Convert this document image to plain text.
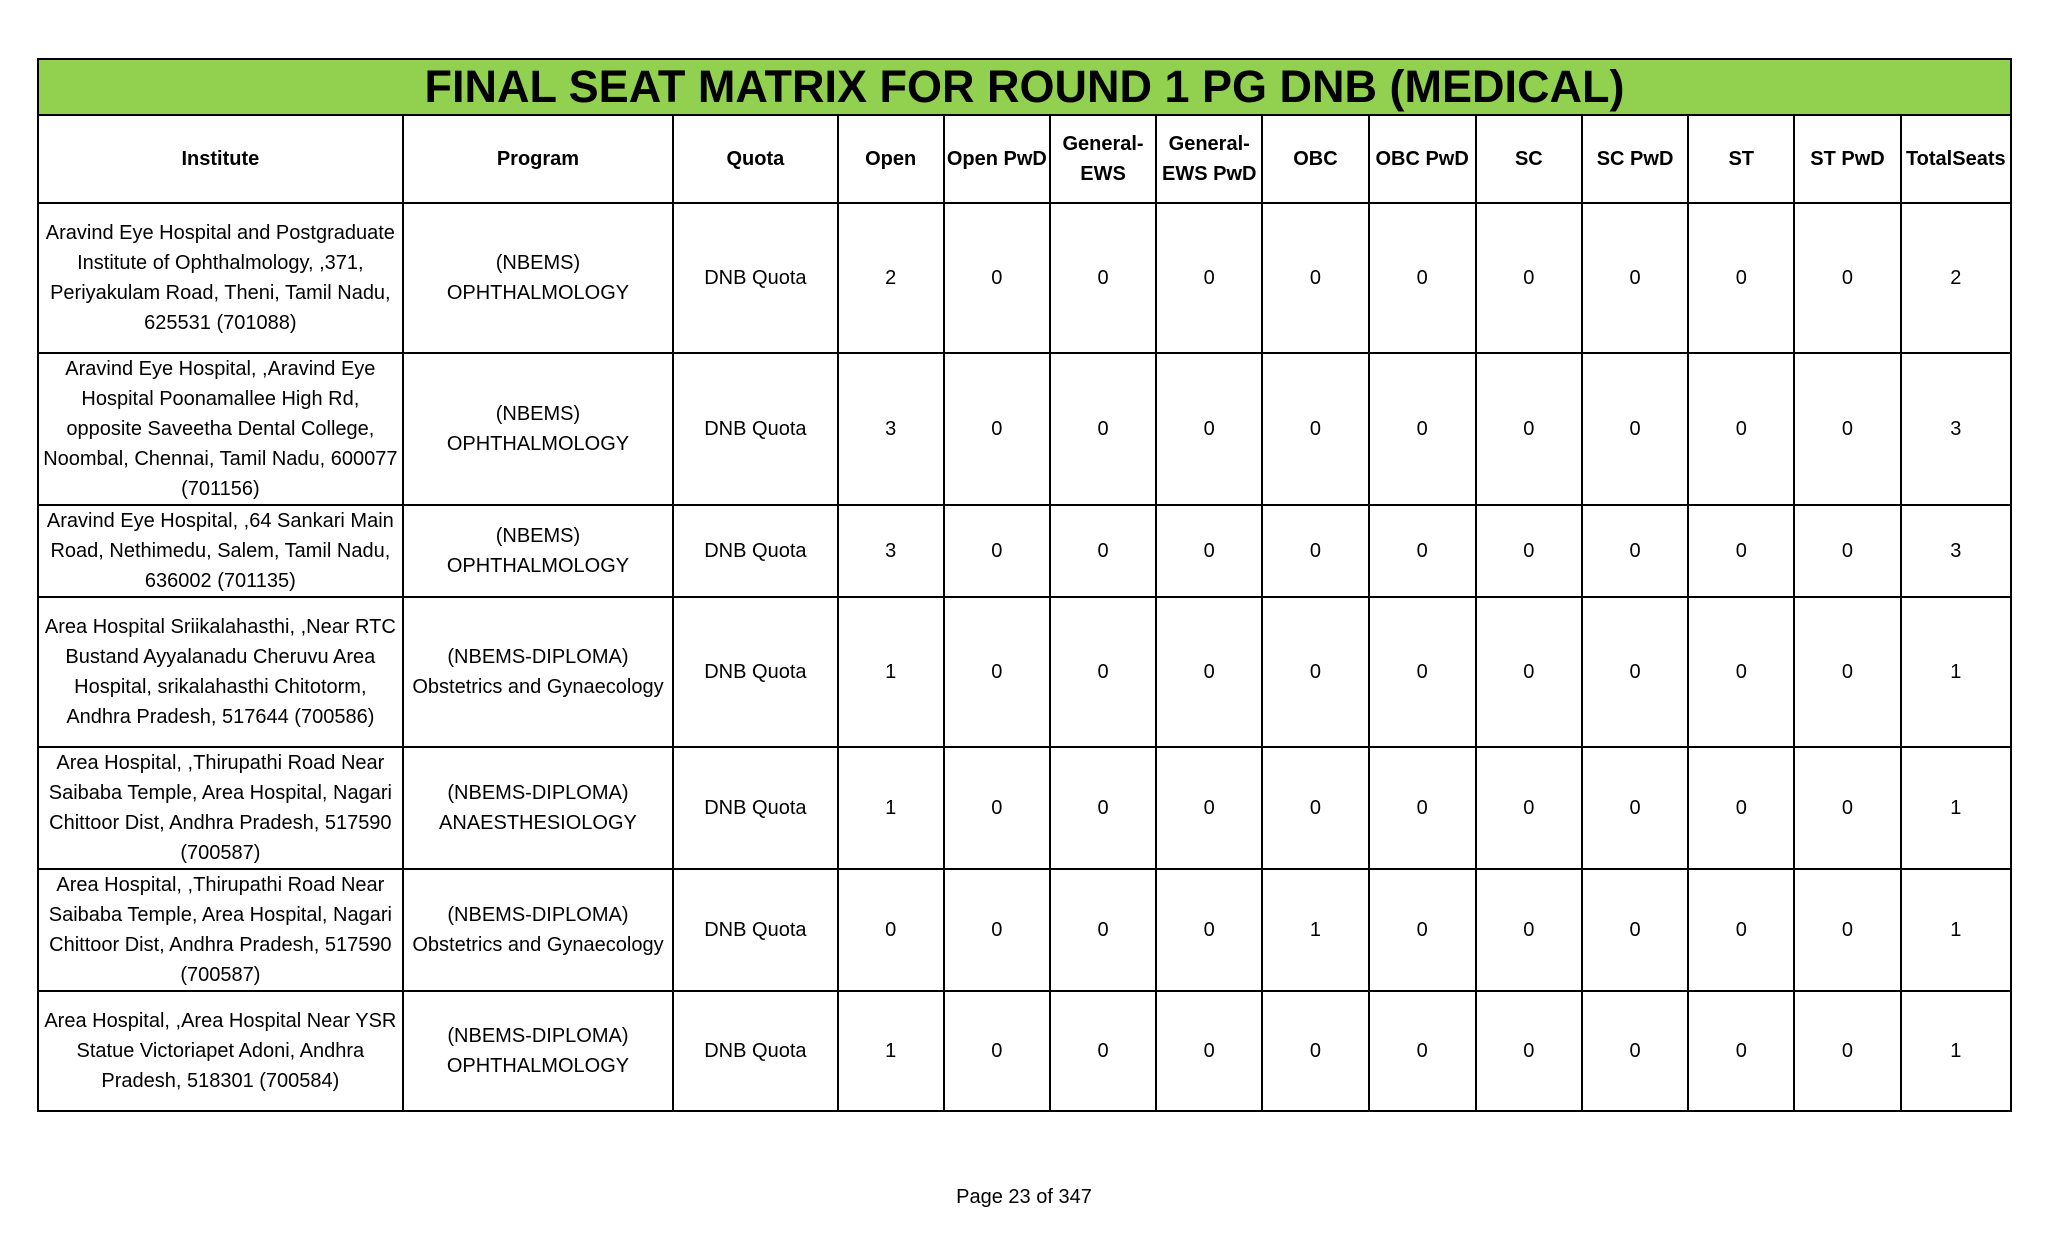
FINAL SEAT MATRIX FOR ROUND 1 PG DNB (MEDICAL)													
Institute	Program	Quota	Open	Open PwD	General-EWS	General-EWS PwD	OBC	OBC PwD	SC	SC PwD	ST	ST PwD	TotalSeats
Aravind Eye Hospital and Postgraduate Institute of Ophthalmology, ,371, Periyakulam Road, Theni, Tamil Nadu, 625531 (701088)	(NBEMS) OPHTHALMOLOGY	DNB Quota	2	0	0	0	0	0	0	0	0	0	2
Aravind Eye Hospital, ,Aravind Eye Hospital Poonamallee High Rd, opposite Saveetha Dental College, Noombal, Chennai, Tamil Nadu, 600077 (701156)	(NBEMS) OPHTHALMOLOGY	DNB Quota	3	0	0	0	0	0	0	0	0	0	3
Aravind Eye Hospital, ,64 Sankari Main Road, Nethimedu, Salem, Tamil Nadu, 636002 (701135)	(NBEMS) OPHTHALMOLOGY	DNB Quota	3	0	0	0	0	0	0	0	0	0	3
Area Hospital Sriikalahasthi, ,Near RTC Bustand Ayyalanadu Cheruvu Area Hospital, srikalahasthi Chitotorm, Andhra Pradesh, 517644 (700586)	(NBEMS-DIPLOMA) Obstetrics and Gynaecology	DNB Quota	1	0	0	0	0	0	0	0	0	0	1
Area Hospital, ,Thirupathi Road Near Saibaba Temple, Area Hospital, Nagari Chittoor Dist, Andhra Pradesh, 517590 (700587)	(NBEMS-DIPLOMA) ANAESTHESIOLOGY	DNB Quota	1	0	0	0	0	0	0	0	0	0	1
Area Hospital, ,Thirupathi Road Near Saibaba Temple, Area Hospital, Nagari Chittoor Dist, Andhra Pradesh, 517590 (700587)	(NBEMS-DIPLOMA) Obstetrics and Gynaecology	DNB Quota	0	0	0	0	1	0	0	0	0	0	1
Area Hospital, ,Area Hospital Near YSR Statue Victoriapet Adoni, Andhra Pradesh, 518301 (700584)	(NBEMS-DIPLOMA) OPHTHALMOLOGY	DNB Quota	1	0	0	0	0	0	0	0	0	0	1
Page 23 of 347
